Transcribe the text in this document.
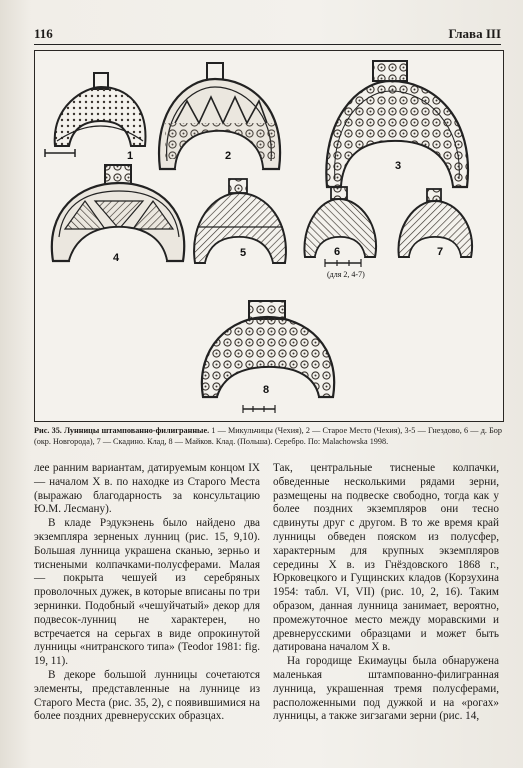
116	Глава III
1	2
3
4	5	6
(для 2, 4-7)
7
8
Рис. 35. Лунницы штампованно-филигранные. 1 — Микульчицы (Чехия), 2 — Старое Место (Чехия), 3-5 — Гнездово, 6 — д. Бор (окр. Новгорода), 7 — Скадино. Клад, 8 — Майков. Клад. (Польша). Серебро. По: Malachowska 1998.

лее ранним вариантам, датируемым концом IX — началом X в. по находке из Старого Места (выражаю благодарность за консультацию Ю.М. Лесману).

В кладе Рэдукэнень было найдено два экземпляра зерненых лунниц (рис. 15, 9,10). Большая лунница украшена сканью, зерньо и тиснеными колпачками-полусферами. Малая — покрыта чешуей из серебряных проволочных дужек, в которые вписаны по три зернинки. Подобный «чешуйчатый» декор для подвесок-лунниц не характерен, но встречается на серьгах в виде опрокинутой лунницы «нитранского типа» (Teodor 1981: fig. 19, 11).

В декоре большой лунницы сочетаются элементы, представленные на луннице из Старого Места (рис. 35, 2), с появившимися на более поздних древнерусских образцах.

Так, центральные тисненые колпачки, обведенные несколькими рядами зерни, размещены на подвеске свободно, тогда как у более поздних экземпляров они тесно сдвинуты друг с другом. В то же время край лунницы обведен пояском из полусфер, характерным для крупных экземпляров середины X в. из Гнёздовского 1868 г., Юрковецкого и Гущинских кладов (Корзухина 1954: табл. VI, VII) (рис. 10, 2, 16). Таким образом, данная лунница занимает, вероятно, промежуточное место между моравскими и древнерусскими образцами и может быть датирована началом X в.

На городище Екимауцы была обнаружена маленькая штампованно-филигранная лунница, украшенная тремя полусферами, расположенными под дужкой и на «рогах» лунницы, а также зигзагами зерни (рис. 14,
